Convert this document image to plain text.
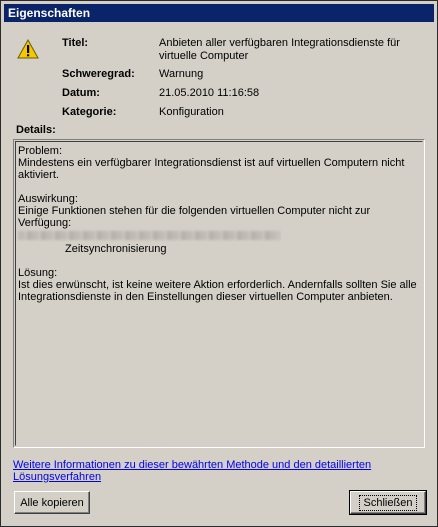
Eigenschaften
Titel:	Anbieten aller verfügbaren Integrationsdienste für virtuelle Computer
Schweregrad: Warnung
Datum:	21.05.2010 11:16:58
Kategorie:	Konfiguration
Details:

Problem:

Mindestens ein verfügbarer Integrationsdienst ist auf virtuellen Computern nicht aktiviert.

Auswirkung:

Einige Funktionen stehen für die folgenden virtuellen Computer nicht zur Verfügung:

Zeitsynchronisierung

Lösung:

Ist dies erwünscht, ist keine weitere Aktion erforderlich. Andernfalls sollten Sie alle Integrationsdienste in den Einstellungen dieser virtuellen Computer anbieten.

Weitere Informationen zu dieser bewährten Methode und den detaillierten Lösungsverfahren
Alle kopieren	Schließen
